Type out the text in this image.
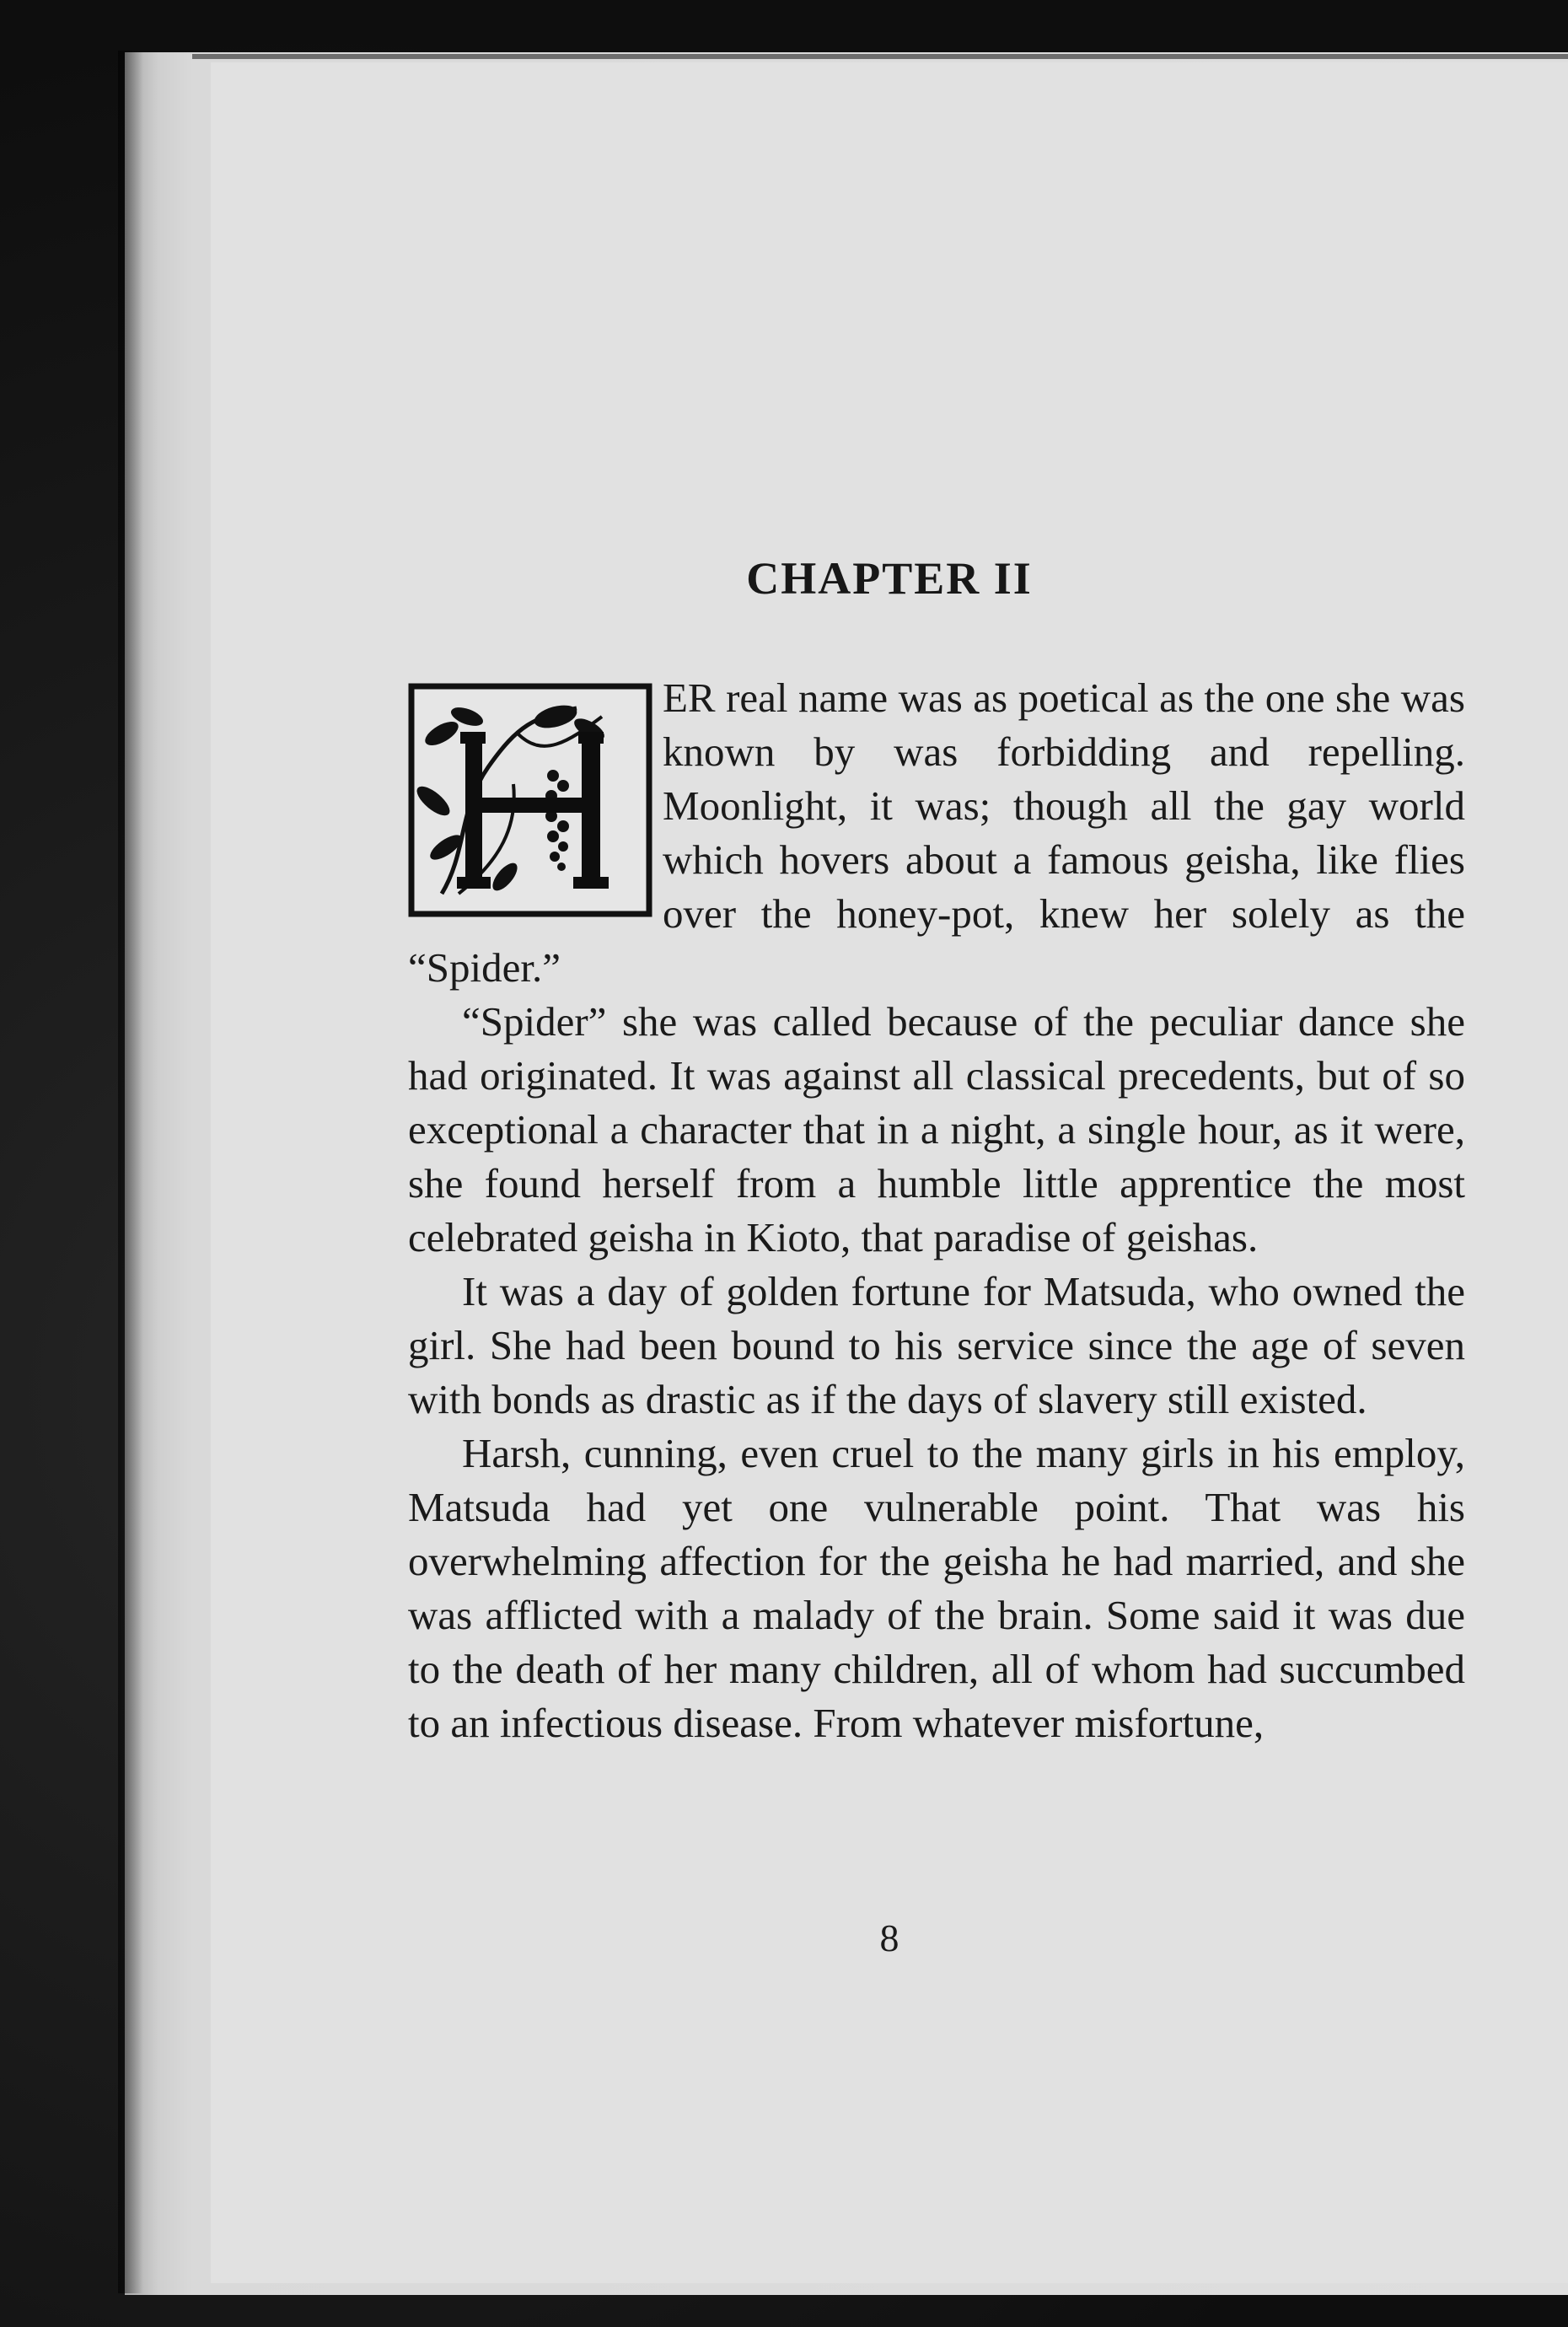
CHAPTER II

ER real name was as poetical as the one she was known by was forbidding and repelling. Moonlight, it was; though all the gay world which hovers about a famous geisha, like flies over the honey-pot, knew her solely as the “Spider.”

“Spider” she was called because of the peculiar dance she had originated. It was against all classical precedents, but of so exceptional a character that in a night, a single hour, as it were, she found herself from a humble little apprentice the most celebrated geisha in Kioto, that paradise of geishas.

It was a day of golden fortune for Matsuda, who owned the girl. She had been bound to his service since the age of seven with bonds as drastic as if the days of slavery still existed.

Harsh, cunning, even cruel to the many girls in his employ, Matsuda had yet one vulnerable point. That was his overwhelming affection for the geisha he had married, and she was afflicted with a malady of the brain. Some said it was due to the death of her many children, all of whom had succumbed to an infectious disease. From whatever misfortune,

8
